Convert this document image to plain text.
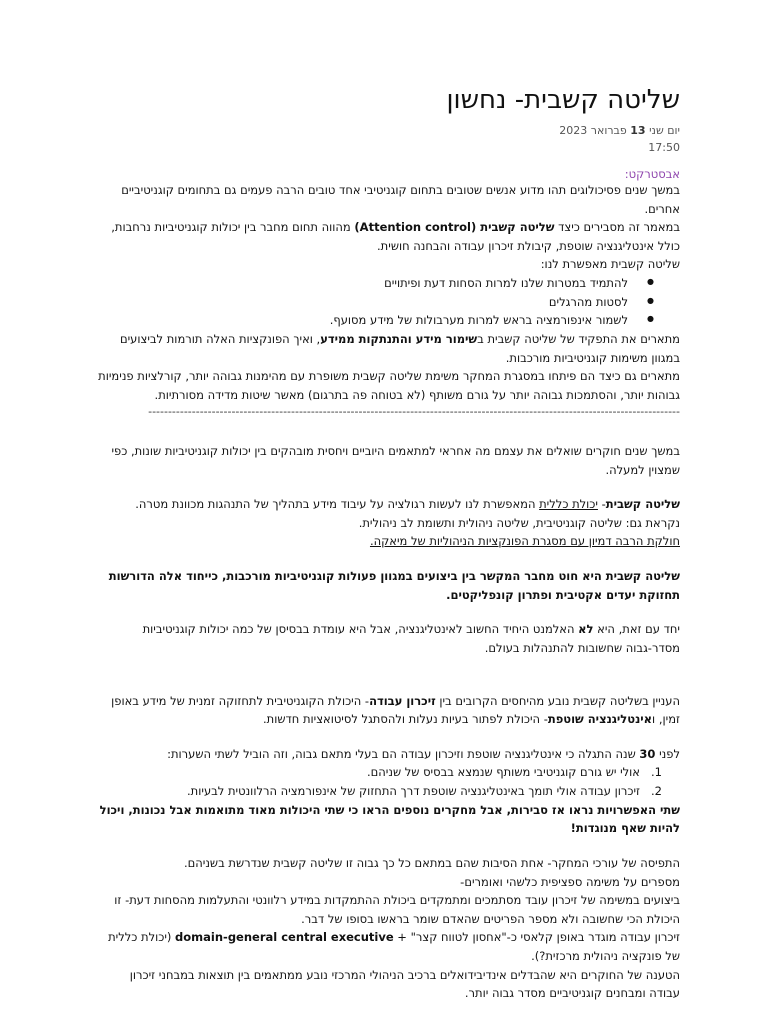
שליטה קשבית- נחשון
יום שני 13 פברואר 2023
17:50
אבסטרקט:

במשך שנים פסיכולוגים תהו מדוע אנשים שטובים בתחום קוגניטיבי אחד טובים הרבה פעמים גם בתחומים קוגניטיביים אחרים.

במאמר זה מסבירים כיצד שליטה קשבית (Attention control) מהווה תחום מחבר בין יכולות קוגניטיביות נרחבות, כולל אינטליגנציה שוטפת, קיבולת זיכרון עבודה והבחנה חושית.

שליטה קשבית מאפשרת לנו:

● להתמיד במטרות שלנו למרות הסחות דעת ופיתויים
● לסטות מהרגלים
● לשמור אינפורמציה בראש למרות מערבולות של מידע מסועף.

מתארים את התפקיד של שליטה קשבית בשימור מידע והתנתקות ממידע, ואיך הפונקציות האלה תורמות לביצועים במגוון משימות קוגניטיביות מורכבות.

מתארים גם כיצד הם פיתחו במסגרת המחקר משימת שליטה קשבית משופרת עם מהימנות גבוהה יותר, קורלציות פנימיות גבוהות יותר, והסתמכות גבוהה יותר על גורם משותף (לא בטוחה פה בתרגום) מאשר שיטות מדידה מסורתיות.

--------------------------------------------------------------------------------------------------------------------------------------

במשך שנים חוקרים שואלים את עצמם מה אחראי למתאמים היוביים ויחסית מובהקים בין יכולות קוגניטיביות שונות, כפי שמצוין למעלה.

שליטה קשבית- יכולת כללית המאפשרת לנו לעשות רגולציה על עיבוד מידע בתהליך של התנהגות מכוונת מטרה.

נקראת גם: שליטה קוגניטיבית, שליטה ניהולית ותשומת לב ניהולית.

חולקת הרבה דמיון עם מסגרת הפונקציות הניהוליות של מיאקה.

שליטה קשבית היא חוט מחבר המקשר בין ביצועים במגוון פעולות קוגניטיביות מורכבות, כייחוד אלה הדורשות תחזוקת יעדים אקטיבית ופתרון קונפליקטים.

יחד עם זאת, היא לא האלמנט היחיד החשוב לאינטליגנציה, אבל היא עומדת בבסיסן של כמה יכולות קוגניטיביות מסדר-גבוה שחשובות להתנהלות בעולם.

העניין בשליטה קשבית נובע מהיחסים הקרובים בין זיכרון עבודה- היכולת הקוגניטיבית לתחזוקה זמנית של מידע באופן זמין, ואינטליגנציה שוטפת- היכולת לפתור בעיות נעלות ולהסתגל לסיטואציות חדשות.

לפני 30 שנה התגלה כי אינטליגנציה שוטפת וזיכרון עבודה הם בעלי מתאם גבוה, וזה הוביל לשתי השערות:

1.
אולי יש גורם קוגניטיבי משותף שנמצא בבסיס של שניהם.
2.
זיכרון עבודה אולי תומך באינטליגנציה שוטפת דרך התחזוק של אינפורמציה הרלוונטית לבעיות.

שתי האפשרויות נראו אז סבירות, אבל מחקרים נוספים הראו כי שתי היכולות מאוד מתואמות אבל נכונות, ויכול להיות שאף מנוגדות!

התפיסה של עורכי המחקר- אחת הסיבות שהם במתאם כל כך גבוה זו שליטה קשבית שנדרשת בשניהם.

מספרים על משימה ספציפית כלשהי ואומרים-

ביצועים במשימה של זיכרון עובד מסתמכים ומתמקדים ביכולת ההתמקדות במידע רלוונטי והתעלמות מהסחות דעת- זו היכולת הכי שחשובה ולא מספר הפריטים שהאדם שומר בראשו בסופו של דבר.

זיכרון עבודה מוגדר באופן קלאסי כ-"אחסון לטווח קצר" + domain-general central executive (יכולת כללית של פונקציה ניהולית מרכזית?).

הטענה של החוקרים היא שהבדלים אינדיבידואלים ברכיב הניהולי המרכזי נובע ממתאמים בין תוצאות במבחני זיכרון עבודה ומבחנים קוגניטיביים מסדר גבוה יותר.
